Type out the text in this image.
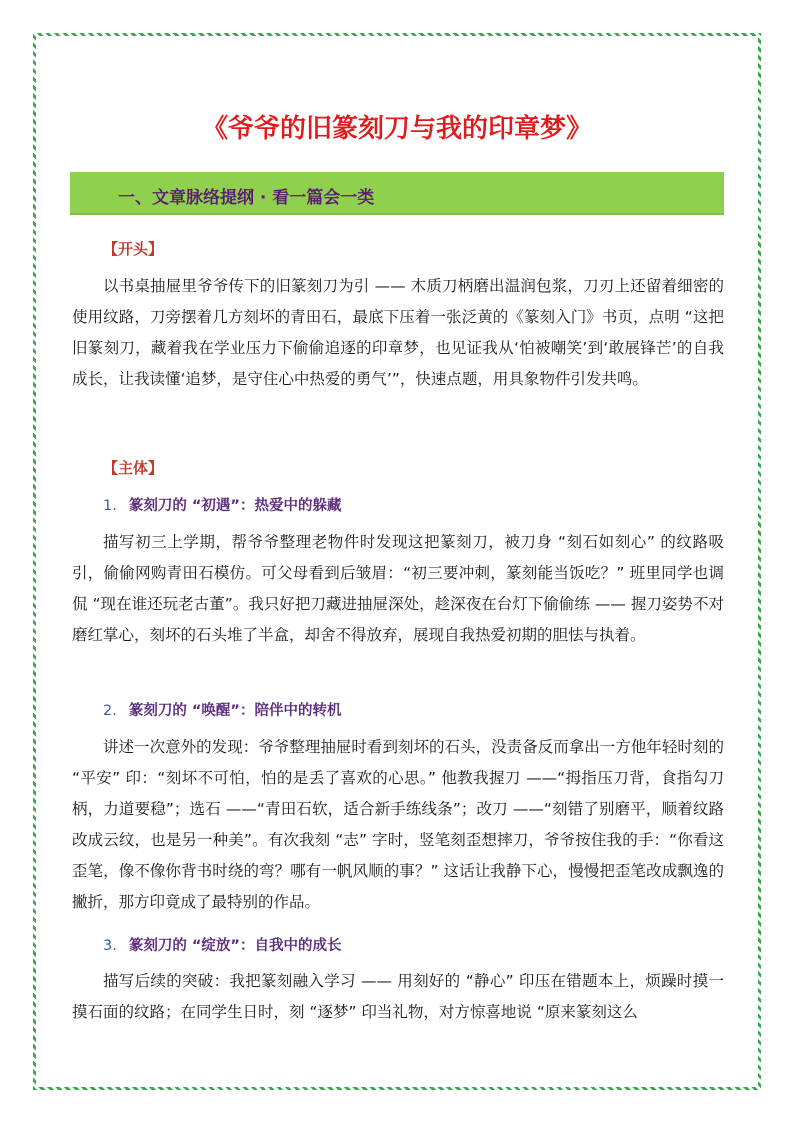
《爷爷的旧篆刻刀与我的印章梦》
一、文章脉络提纲 · 看一篇会一类
【开头】
以书桌抽屉里爷爷传下的旧篆刻刀为引 —— 木质刀柄磨出温润包浆，刀刃上还留着细密的使用纹路，刀旁摆着几方刻坏的青田石，最底下压着一张泛黄的《篆刻入门》书页，点明 “这把旧篆刻刀，藏着我在学业压力下偷偷追逐的印章梦，也见证我从‘怕被嘲笑’到‘敢展锋芒’的自我成长，让我读懂‘追梦，是守住心中热爱的勇气’”，快速点题，用具象物件引发共鸣。
【主体】
1. 篆刻刀的 “初遇”：热爱中的躲藏
描写初三上学期，帮爷爷整理老物件时发现这把篆刻刀，被刀身 “刻石如刻心” 的纹路吸引，偷偷网购青田石模仿。可父母看到后皱眉：“初三要冲刺，篆刻能当饭吃？” 班里同学也调侃 “现在谁还玩老古董”。我只好把刀藏进抽屉深处，趁深夜在台灯下偷偷练 —— 握刀姿势不对磨红掌心，刻坏的石头堆了半盒，却舍不得放弃，展现自我热爱初期的胆怯与执着。
2. 篆刻刀的 “唤醒”：陪伴中的转机
讲述一次意外的发现：爷爷整理抽屉时看到刻坏的石头，没责备反而拿出一方他年轻时刻的 “平安” 印：“刻坏不可怕，怕的是丢了喜欢的心思。” 他教我握刀 ——“拇指压刀背，食指勾刀柄，力道要稳”；选石 ——“青田石软，适合新手练线条”；改刀 ——“刻错了别磨平，顺着纹路改成云纹，也是另一种美”。有次我刻 “志” 字时，竖笔刻歪想摔刀，爷爷按住我的手：“你看这歪笔，像不像你背书时绕的弯？哪有一帆风顺的事？” 这话让我静下心，慢慢把歪笔改成飘逸的撇折，那方印竟成了最特别的作品。
3. 篆刻刀的 “绽放”：自我中的成长
描写后续的突破：我把篆刻融入学习 —— 用刻好的 “静心” 印压在错题本上，烦躁时摸一摸石面的纹路；在同学生日时，刻 “逐梦” 印当礼物，对方惊喜地说 “原来篆刻这么
